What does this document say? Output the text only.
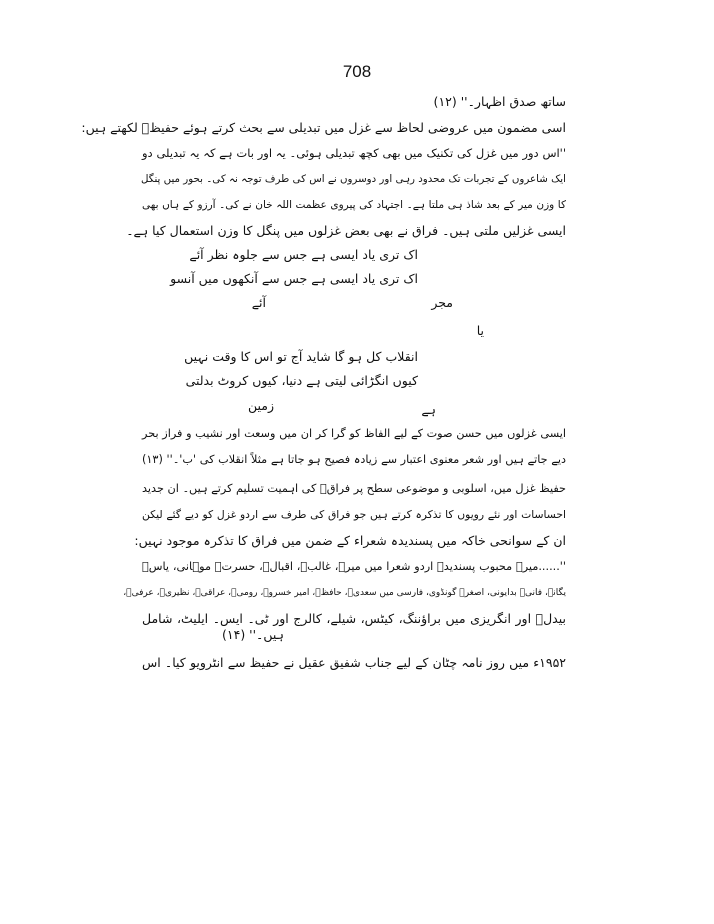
708
ساتھ صدق اظہار۔'' (۱۲)
اسی مضمون میں عروضی لحاظ سے غزل میں تبدیلی سے بحث کرتے ہوئے حفیظؔ لکھتے ہیں:
''اس دور میں غزل کی تکنیک میں بھی کچھ تبدیلی ہوئی۔ یہ اور بات ہے کہ یہ تبدیلی دو
ایک شاعروں کے تجربات تک محدود رہی اور دوسروں نے اس کی طرف توجہ نہ کی۔ بحور میں پنگل
کا وزن میر کے بعد شاذ ہی ملتا ہے۔ اجتہاد کی پیروی عظمت اللہ خان نے کی۔ آرزو کے ہاں بھی
ایسی غزلیں ملتی ہیں۔ فراق نے بھی بعض غزلوں میں پنگل کا وزن استعمال کیا ہے۔
اک تری یاد ایسی ہے جس سے جلوہ نظر آئے
اک تری یاد ایسی ہے جس سے آنکھوں میں آنسو
آئے	مجر
یا
انقلاب کل ہو گا شاید آج تو اس کا وقت نہیں
کیوں انگڑائی لیتی ہے دنیا، کیوں کروٹ بدلتی
زمین	ہے
ایسی غزلوں میں حسن صوت کے لیے الفاظ کو گرا کر ان میں وسعت اور نشیب و فراز بحر
دیے جاتے ہیں اور شعر معنوی اعتبار سے زیادہ فصیح ہو جاتا ہے مثلاً انقلاب کی 'ب'۔'' (۱۳)
حفیظ غزل میں، اسلوبی و موضوعی سطح پر فراقؔ کی اہمیت تسلیم کرتے ہیں۔ ان جدید
احساسات اور نئے رویوں کا تذکرہ کرتے ہیں جو فراق کی طرف سے اردو غزل کو دیے گئے لیکن
ان کے سوانحی خاکہ میں پسندیدہ شعراء کے ضمن میں فراق کا تذکرہ موجود نہیں:
''......میرے محبوب پسندیدہ اردو شعرا میں میرؔ، غالبؔ، اقبالؔ، حسرتؔ موہانی، یاسؔ
یگانہ، فانیؔ بدایونی، اصغرؔ گونڈوی، فارسی میں سعدیؔ، حافظؔ، امیر خسروؔ، رومیؔ، عراقیؔ، نظیریؔ، عرفیؔ،
بیدلؔ اور انگریزی میں براؤننگ، کیٹس، شیلے، کالرج اور ٹی۔ ایس۔ ایلیٹ، شامل
ہیں۔'' (۱۴)
۱۹۵۲ء میں روز نامہ چٹان کے لیے جناب شفیق عقیل نے حفیظ سے انٹرویو کیا۔ اس
